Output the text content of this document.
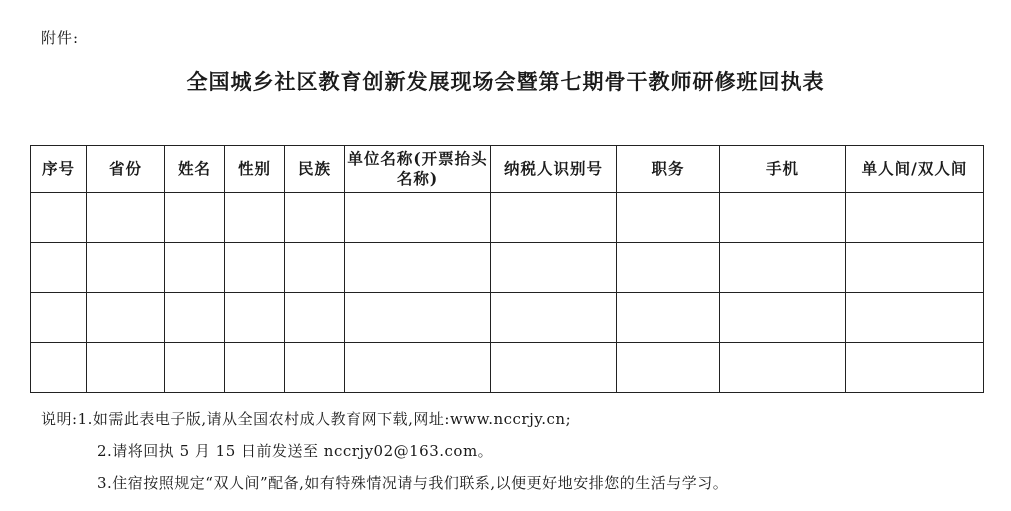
附件:
全国城乡社区教育创新发展现场会暨第七期骨干教师研修班回执表
序号	省份	姓名	性别	民族	单位名称(开票抬头名称)	纳税人识别号	职务	手机	单人间/双人间

说明:1.如需此表电子版,请从全国农村成人教育网下载,网址:www.nccrjy.cn;
2.请将回执 5 月 15 日前发送至 nccrjy02@163.com。
3.住宿按照规定“双人间”配备,如有特殊情况请与我们联系,以便更好地安排您的生活与学习。
